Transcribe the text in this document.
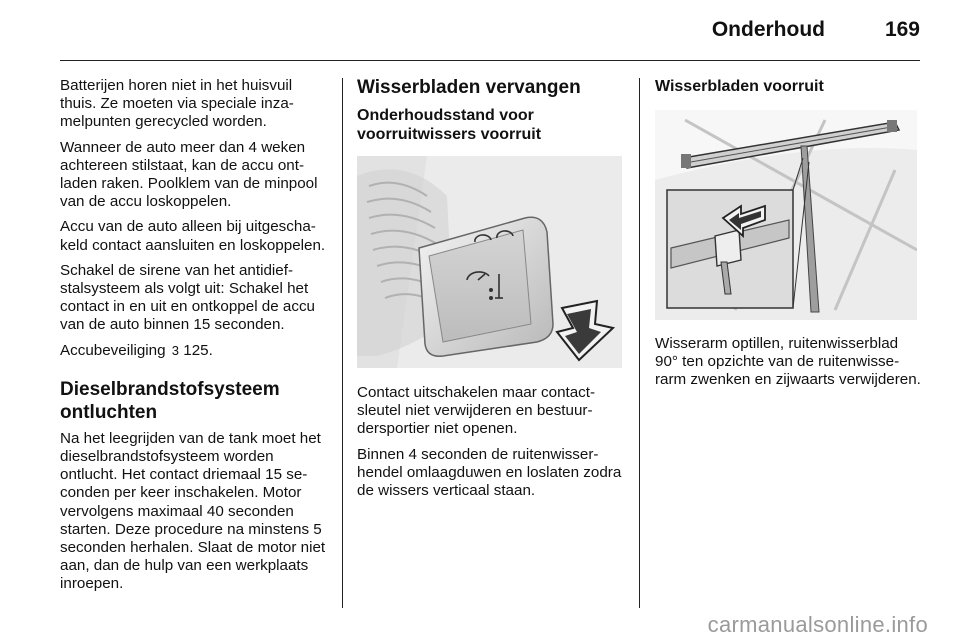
Onderhoud	169

Batterijen horen niet in het huisvuil thuis. Ze moeten via speciale inzamelpunten gerecycled worden.

Wanneer de auto meer dan 4 weken achtereen stilstaat, kan de accu ontladen raken. Poolklem van de minpool van de accu loskoppelen.

Accu van de auto alleen bij uitgeschakeld contact aansluiten en loskoppelen.

Schakel de sirene van het antidiefstalsysteem als volgt uit: Schakel het contact in en uit en ontkoppel de accu van de auto binnen 15 seconden.

Accubeveiliging 3 125.

Dieselbrandstofsysteem ontluchten

Na het leegrijden van de tank moet het dieselbrandstofsysteem worden ontlucht. Het contact driemaal 15 seconden per keer inschakelen. Motor vervolgens maximaal 40 seconden starten. Deze procedure na minstens 5 seconden herhalen. Slaat de motor niet aan, dan de hulp van een werkplaats inroepen.

Wisserbladen vervangen
Onderhoudsstand voor voorruitwissers voorruit

Contact uitschakelen maar contactsleutel niet verwijderen en bestuurdersportier niet openen.

Binnen 4 seconden de ruitenwisserhendel omlaagduwen en loslaten zodra de wissers verticaal staan.

Wisserbladen voorruit

Wisserarm optillen, ruitenwisserblad 90° ten opzichte van de ruitenwisserarm zwenken en zijwaarts verwijderen.

carmanualsonline.info
